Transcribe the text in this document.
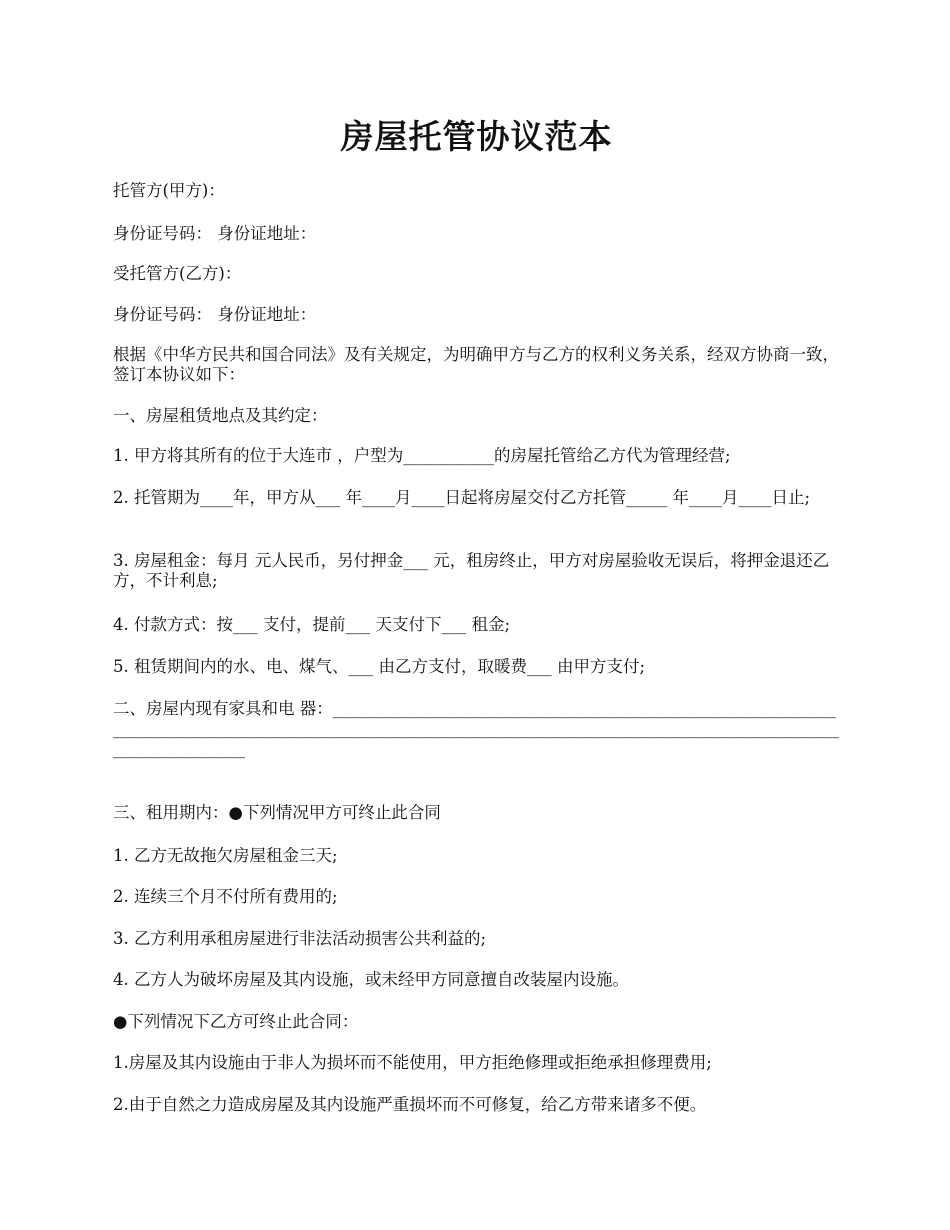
房屋托管协议范本
托管方(甲方)：
身份证号码： 身份证地址：
受托管方(乙方)：
身份证号码： 身份证地址：
根据《中华方民共和国合同法》及有关规定，为明确甲方与乙方的权利义务关系，经双方协商一致，签订本协议如下：
一、房屋租赁地点及其约定：
1. 甲方将其所有的位于大连市 ，户型为___________的房屋托管给乙方代为管理经营;
2. 托管期为____年，甲方从___ 年____月____日起将房屋交付乙方托管_____ 年____月____日止;
3. 房屋租金：每月 元人民币，另付押金___ 元，租房终止，甲方对房屋验收无误后，将押金退还乙方，不计利息;
4. 付款方式：按___ 支付，提前___ 天支付下___ 租金;
5. 租赁期间内的水、电、煤气、___ 由乙方支付，取暖费___ 由甲方支付;
二、房屋内现有家具和电 器：_____________________________________________________________________________________________________________________________________________________________________
三、租用期内：●下列情况甲方可终止此合同
1. 乙方无故拖欠房屋租金三天;
2. 连续三个月不付所有费用的;
3. 乙方利用承租房屋进行非法活动损害公共利益的;
4. 乙方人为破坏房屋及其内设施，或未经甲方同意擅自改装屋内设施。
●下列情况下乙方可终止此合同：
1.房屋及其内设施由于非人为损坏而不能使用，甲方拒绝修理或拒绝承担修理费用;
2.由于自然之力造成房屋及其内设施严重损坏而不可修复，给乙方带来诸多不便。
